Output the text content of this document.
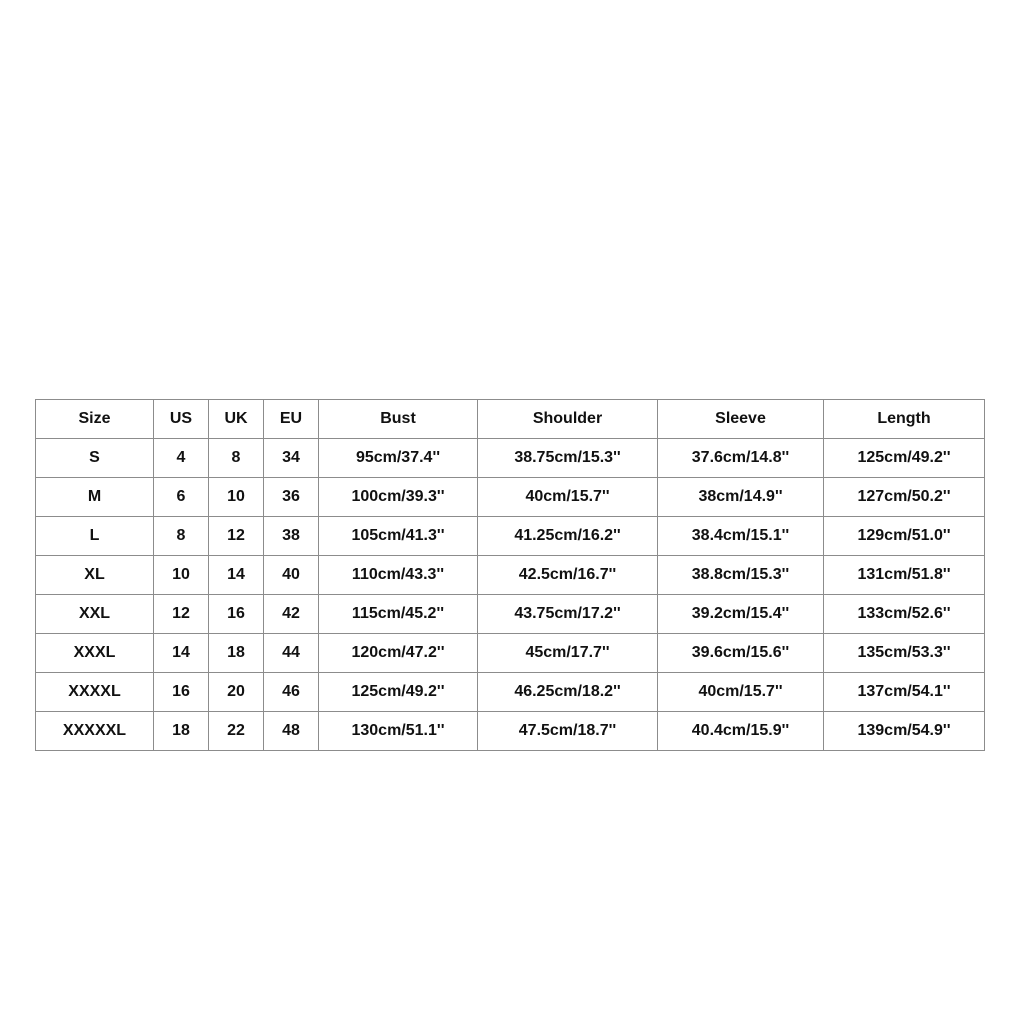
Size	US	UK	EU	Bust	Shoulder	Sleeve	Length
S	4	8	34	95cm/37.4''	38.75cm/15.3''	37.6cm/14.8''	125cm/49.2''
M	6	10	36	100cm/39.3''	40cm/15.7''	38cm/14.9''	127cm/50.2''
L	8	12	38	105cm/41.3''	41.25cm/16.2''	38.4cm/15.1''	129cm/51.0''
XL	10	14	40	110cm/43.3''	42.5cm/16.7''	38.8cm/15.3''	131cm/51.8''
XXL	12	16	42	115cm/45.2''	43.75cm/17.2''	39.2cm/15.4''	133cm/52.6''
XXXL	14	18	44	120cm/47.2''	45cm/17.7''	39.6cm/15.6''	135cm/53.3''
XXXXL	16	20	46	125cm/49.2''	46.25cm/18.2''	40cm/15.7''	137cm/54.1''
XXXXXL	18	22	48	130cm/51.1''	47.5cm/18.7''	40.4cm/15.9''	139cm/54.9''
